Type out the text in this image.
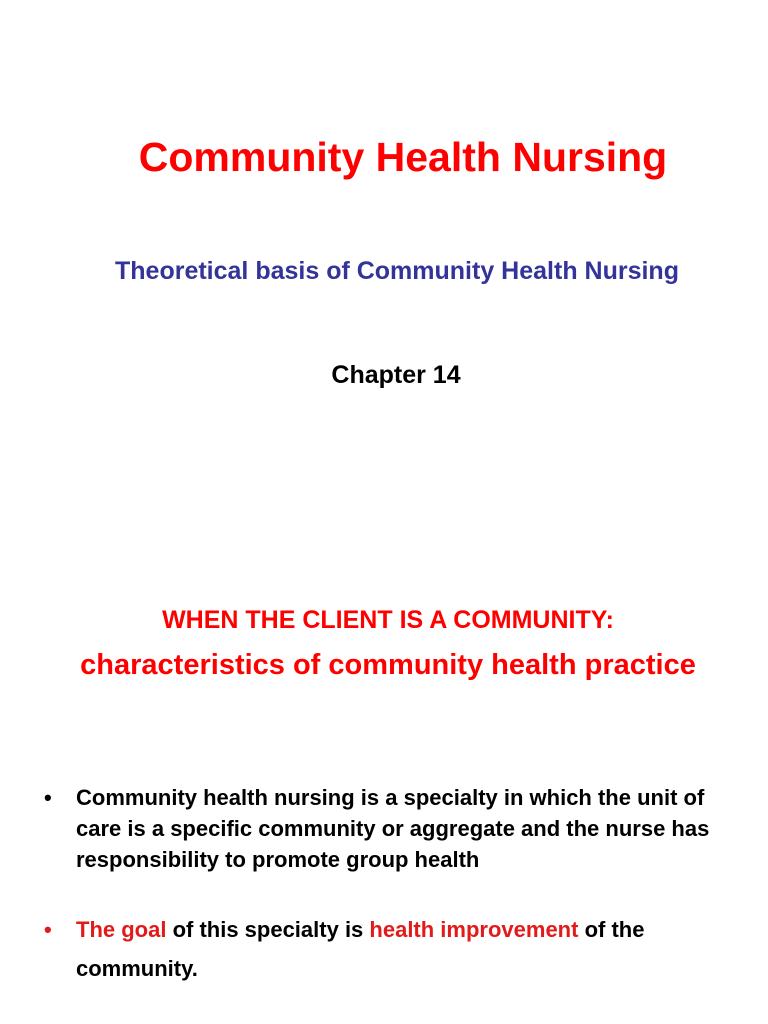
Community Health Nursing
Theoretical basis of Community Health Nursing
Chapter 14
WHEN THE CLIENT IS A COMMUNITY:
characteristics of community health practice
• Community health nursing is a specialty in which the unit of care is a specific community or aggregate and the nurse has responsibility to promote group health
• The goal of this specialty is health improvement of the community.
